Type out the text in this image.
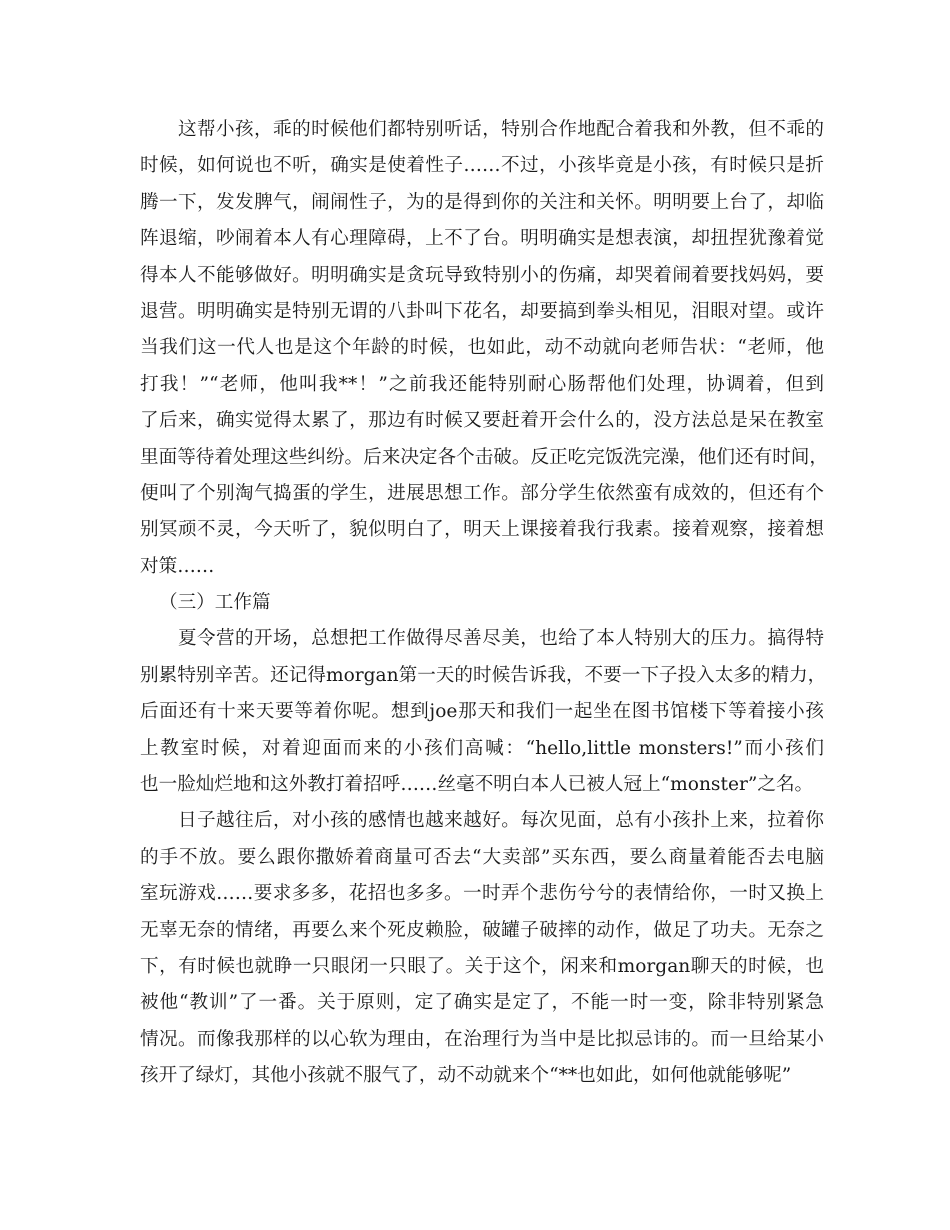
这帮小孩，乖的时候他们都特别听话，特别合作地配合着我和外教，但不乖的
时候，如何说也不听，确实是使着性子……不过，小孩毕竟是小孩，有时候只是折
腾一下，发发脾气，闹闹性子，为的是得到你的关注和关怀。明明要上台了，却临
阵退缩，吵闹着本人有心理障碍，上不了台。明明确实是想表演，却扭捏犹豫着觉
得本人不能够做好。明明确实是贪玩导致特别小的伤痛，却哭着闹着要找妈妈，要
退营。明明确实是特别无谓的八卦叫下花名，却要搞到拳头相见，泪眼对望。或许
当我们这一代人也是这个年龄的时候，也如此，动不动就向老师告状：“老师，他
打我！”“老师，他叫我**！”之前我还能特别耐心肠帮他们处理，协调着，但到
了后来，确实觉得太累了，那边有时候又要赶着开会什么的，没方法总是呆在教室
里面等待着处理这些纠纷。后来决定各个击破。反正吃完饭洗完澡，他们还有时间，
便叫了个别淘气捣蛋的学生，进展思想工作。部分学生依然蛮有成效的，但还有个
别冥顽不灵，今天听了，貌似明白了，明天上课接着我行我素。接着观察，接着想
对策……
（三）工作篇
夏令营的开场，总想把工作做得尽善尽美，也给了本人特别大的压力。搞得特
别累特别辛苦。还记得morgan第一天的时候告诉我，不要一下子投入太多的精力，
后面还有十来天要等着你呢。想到joe那天和我们一起坐在图书馆楼下等着接小孩
上教室时候，对着迎面而来的小孩们高喊：“hello,little monsters!”而小孩们
也一脸灿烂地和这外教打着招呼……丝毫不明白本人已被人冠上“monster”之名。
日子越往后，对小孩的感情也越来越好。每次见面，总有小孩扑上来，拉着你
的手不放。要么跟你撒娇着商量可否去“大卖部”买东西，要么商量着能否去电脑
室玩游戏……要求多多，花招也多多。一时弄个悲伤兮兮的表情给你，一时又换上
无辜无奈的情绪，再要么来个死皮赖脸，破罐子破摔的动作，做足了功夫。无奈之
下，有时候也就睁一只眼闭一只眼了。关于这个，闲来和morgan聊天的时候，也
被他“教训”了一番。关于原则，定了确实是定了，不能一时一变，除非特别紧急
情况。而像我那样的以心软为理由，在治理行为当中是比拟忌讳的。而一旦给某小
孩开了绿灯，其他小孩就不服气了，动不动就来个“**也如此，如何他就能够呢”
